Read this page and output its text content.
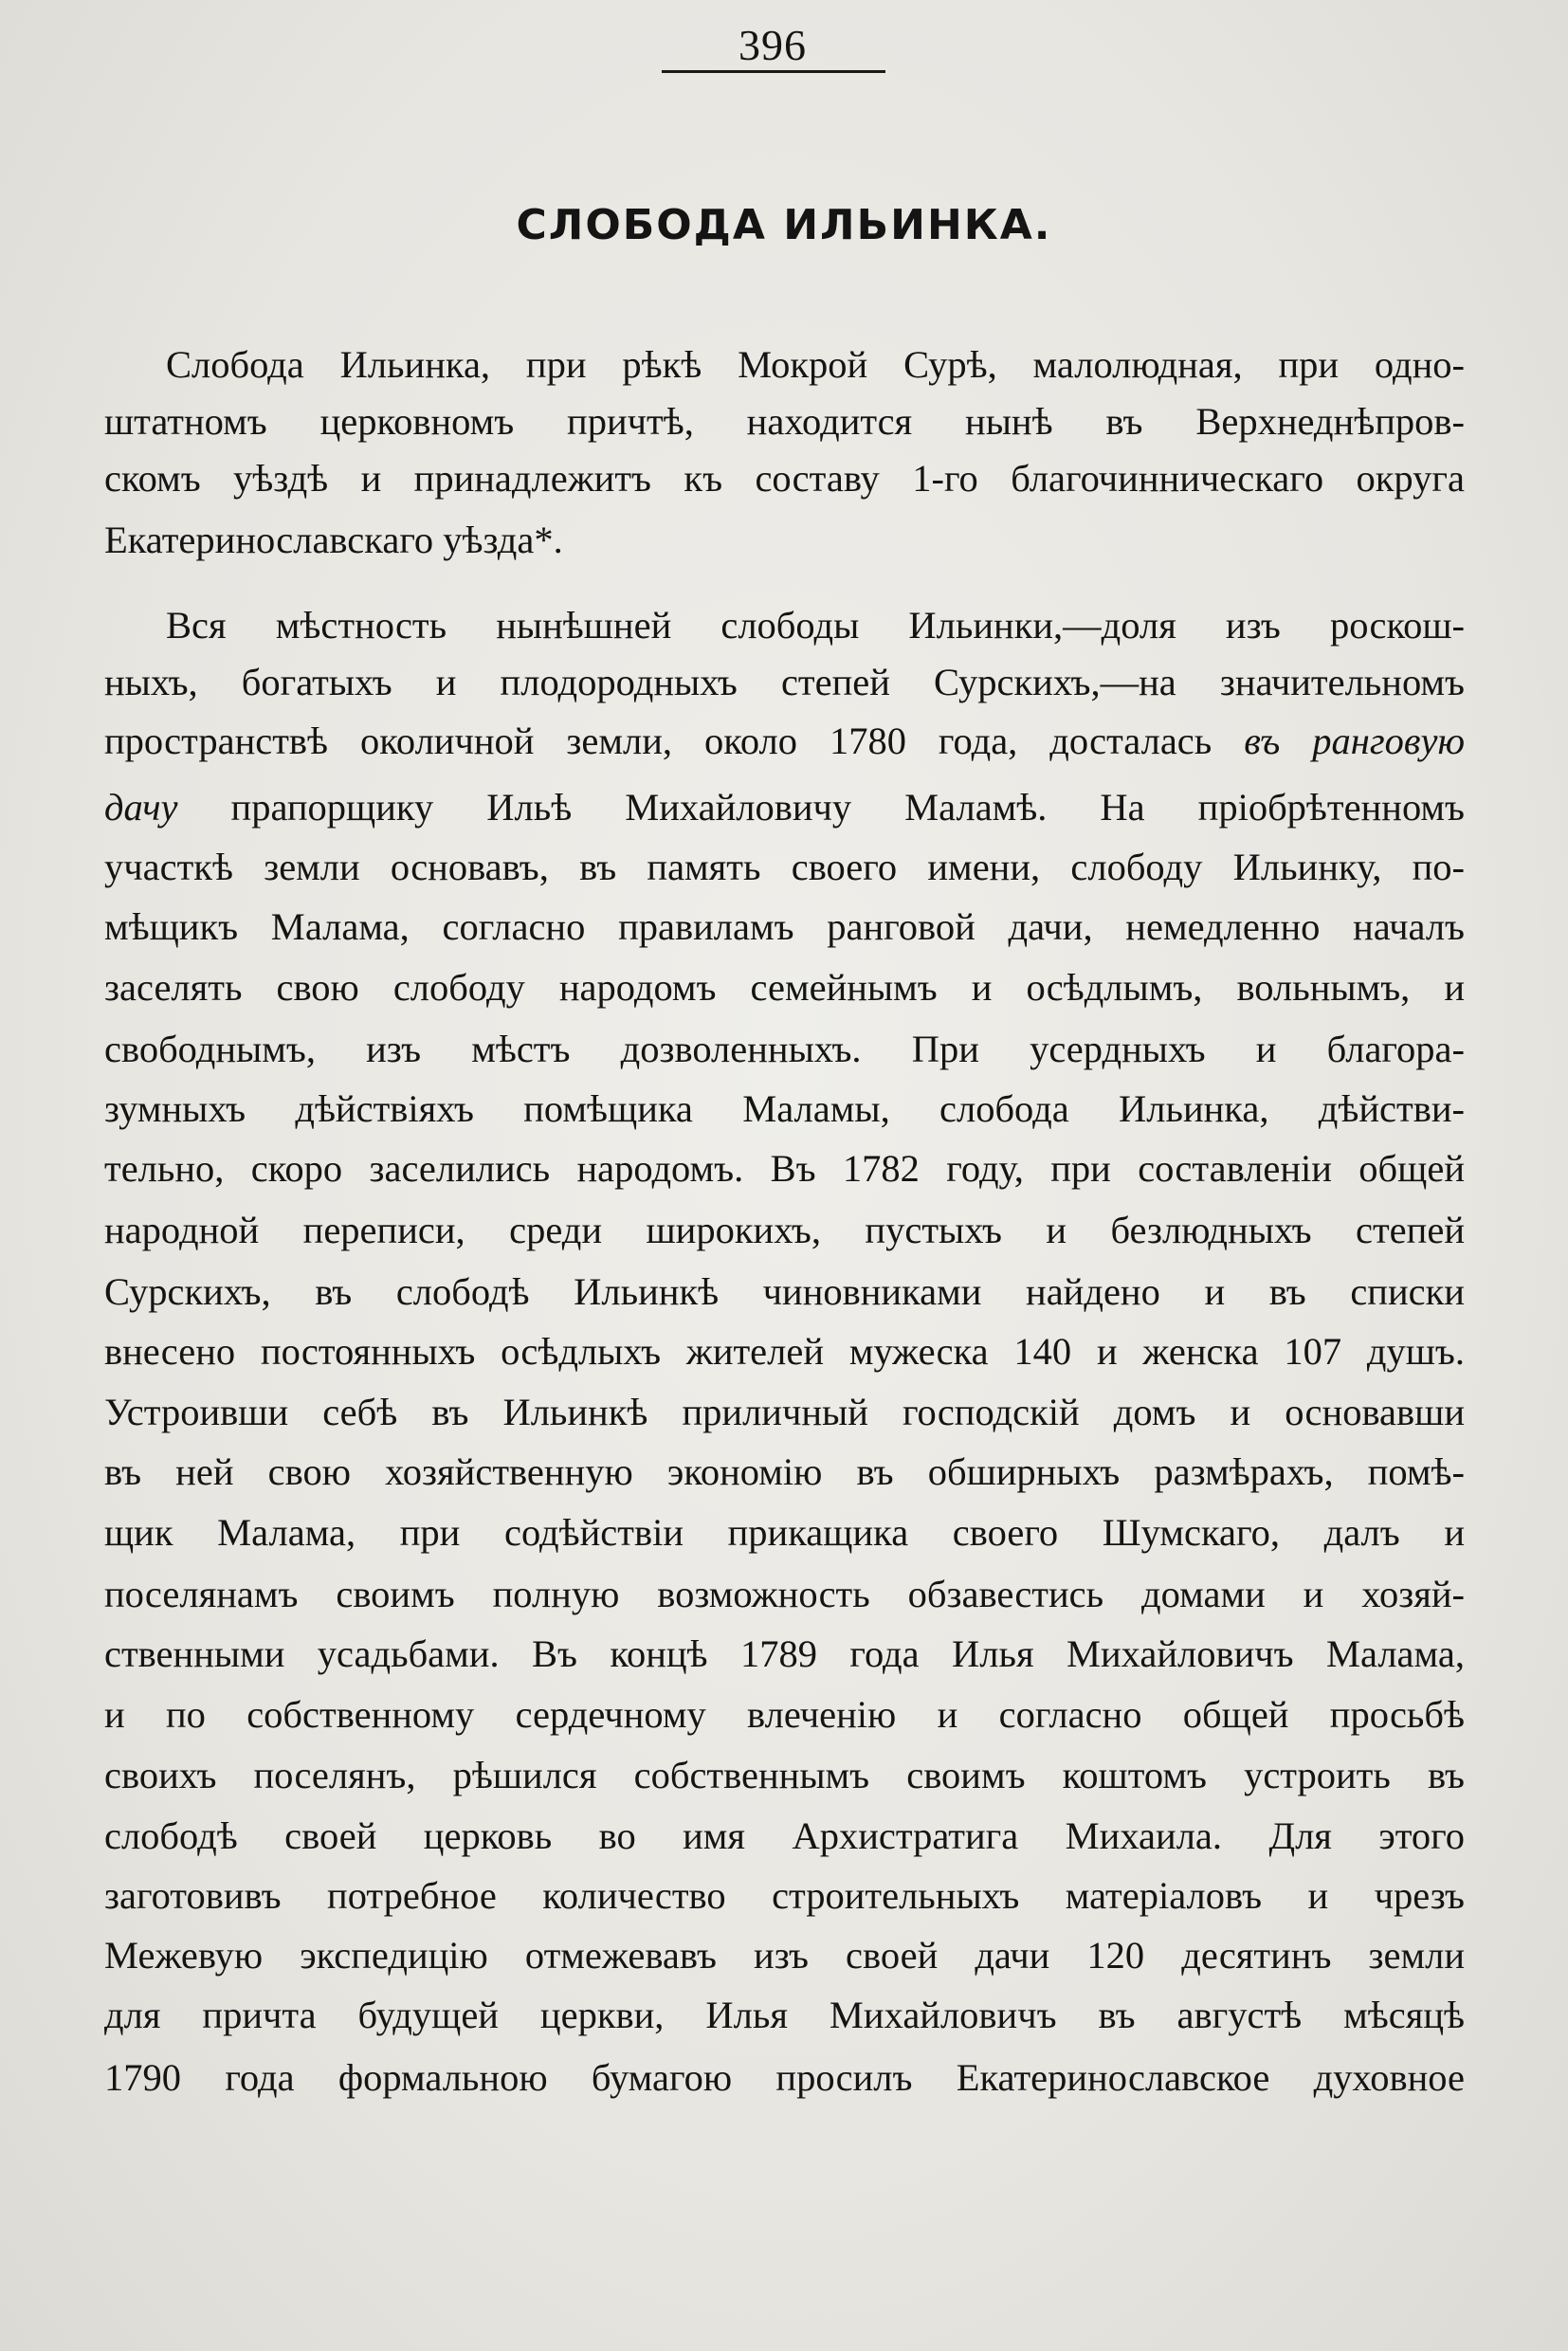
396
СЛОБОДА ИЛЬИНКА.
Слобода Ильинка, при рѣкѣ Мокрой Сурѣ, малолюдная, при одно-
штатномъ церковномъ причтѣ, находится нынѣ въ Верхнеднѣпров-
скомъ уѣздѣ и принадлежитъ къ составу 1-го благочинническаго округа
Екатеринославскаго уѣзда*.
Вся мѣстность нынѣшней слободы Ильинки,—доля изъ роскош-
ныхъ, богатыхъ и плодородныхъ степей Сурскихъ,—на значительномъ
пространствѣ околичной земли, около 1780 года, досталась въ ранговую
дачу прапорщику Ильѣ Михайловичу Маламѣ. На пріобрѣтенномъ
участкѣ земли основавъ, въ память своего имени, слободу Ильинку, по-
мѣщикъ Малама, согласно правиламъ ранговой дачи, немедленно началъ
заселять свою слободу народомъ семейнымъ и осѣдлымъ, вольнымъ, и
свободнымъ, изъ мѣстъ дозволенныхъ. При усердныхъ и благора-
зумныхъ дѣйствіяхъ помѣщика Маламы, слобода Ильинка, дѣйстви-
тельно, скоро заселились народомъ. Въ 1782 году, при составленіи общей
народной переписи, среди широкихъ, пустыхъ и безлюдныхъ степей
Сурскихъ, въ слободѣ Ильинкѣ чиновниками найдено и въ списки
внесено постоянныхъ осѣдлыхъ жителей мужеска 140 и женска 107 душъ.
Устроивши себѣ въ Ильинкѣ приличный господскій домъ и основавши
въ ней свою хозяйственную экономію въ обширныхъ размѣрахъ, помѣ-
щик Малама, при содѣйствіи прикащика своего Шумскаго, далъ и
поселянамъ своимъ полную возможность обзавестись домами и хозяй-
ственными усадьбами. Въ концѣ 1789 года Илья Михайловичъ Малама,
и по собственному сердечному влеченію и согласно общей просьбѣ
своихъ поселянъ, рѣшился собственнымъ своимъ коштомъ устроить въ
слободѣ своей церковь во имя Архистратига Михаила. Для этого
заготовивъ потребное количество строительныхъ матеріаловъ и чрезъ
Межевую экспедицію отмежевавъ изъ своей дачи 120 десятинъ земли
для причта будущей церкви, Илья Михайловичъ въ августѣ мѣсяцѣ
1790 года формальною бумагою просилъ Екатеринославское духовное
